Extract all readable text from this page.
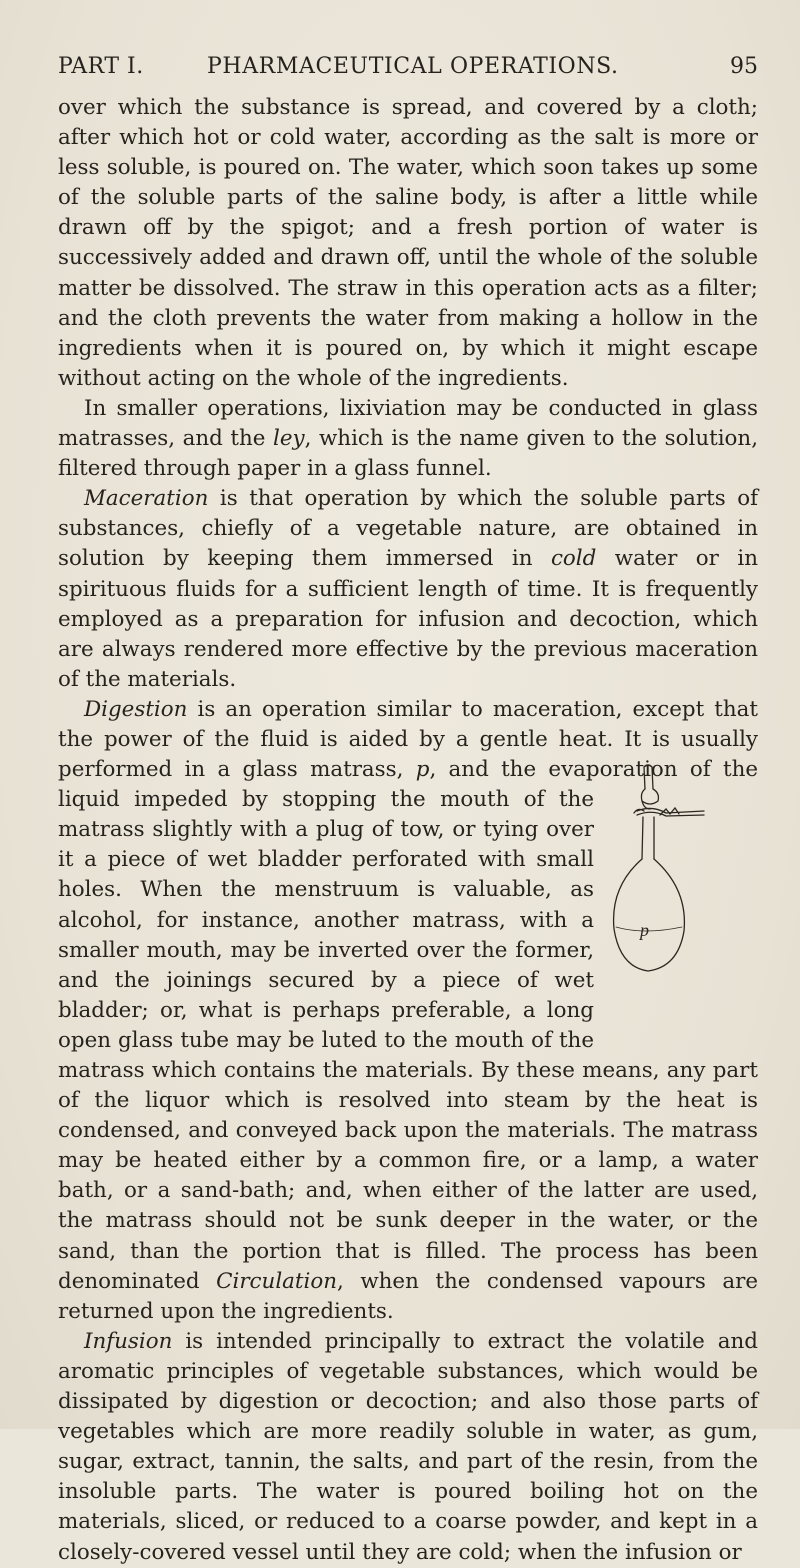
PART I.	PHARMACEUTICAL OPERATIONS.	95

over which the substance is spread, and covered by a cloth; after which hot or cold water, according as the salt is more or less soluble, is poured on. The water, which soon takes up some of the soluble parts of the saline body, is after a little while drawn off by the spigot; and a fresh portion of water is successively added and drawn off, until the whole of the soluble matter be dissolved. The straw in this operation acts as a filter; and the cloth prevents the water from making a hollow in the ingredients when it is poured on, by which it might escape without acting on the whole of the ingredients.

In smaller operations, lixiviation may be conducted in glass matrasses, and the ley, which is the name given to the solution, filtered through paper in a glass funnel.

Maceration is that operation by which the soluble parts of substances, chiefly of a vegetable nature, are obtained in solution by keeping them immersed in cold water or in spirituous fluids for a sufficient length of time. It is frequently employed as a preparation for infusion and decoction, which are always rendered more effective by the previous maceration of the materials.

Digestion is an operation similar to maceration, except that the power of the fluid is aided by a gentle heat. It is usually performed in a glass matrass,
p
p, and the evaporation of the liquid impeded by stopping the mouth of the matrass slightly with a plug of tow, or tying over it a piece of wet bladder perforated with small holes. When the menstruum is valuable, as alcohol, for instance, another matrass, with a smaller mouth, may be inverted over the former, and the joinings secured by a piece of wet bladder; or, what is perhaps preferable, a long open glass tube may be luted to the mouth of the matrass which contains the materials. By these means, any part of the liquor which is resolved into steam by the heat is condensed, and conveyed back upon the materials. The matrass may be heated either by a common fire, or a lamp, a water bath, or a sand-bath; and, when either of the latter are used, the matrass should not be sunk deeper in the water, or the sand, than the portion that is filled. The process has been denominated Circulation, when the condensed vapours are returned upon the ingredients.

Infusion is intended principally to extract the volatile and aromatic principles of vegetable substances, which would be dissipated by digestion or decoction; and also those parts of vegetables which are more readily soluble in water, as gum, sugar, extract, tannin, the salts, and part of the resin, from the insoluble parts. The water is poured boiling hot on the materials, sliced, or reduced to a coarse powder, and kept in a closely-covered vessel until they are cold; when the infusion or
